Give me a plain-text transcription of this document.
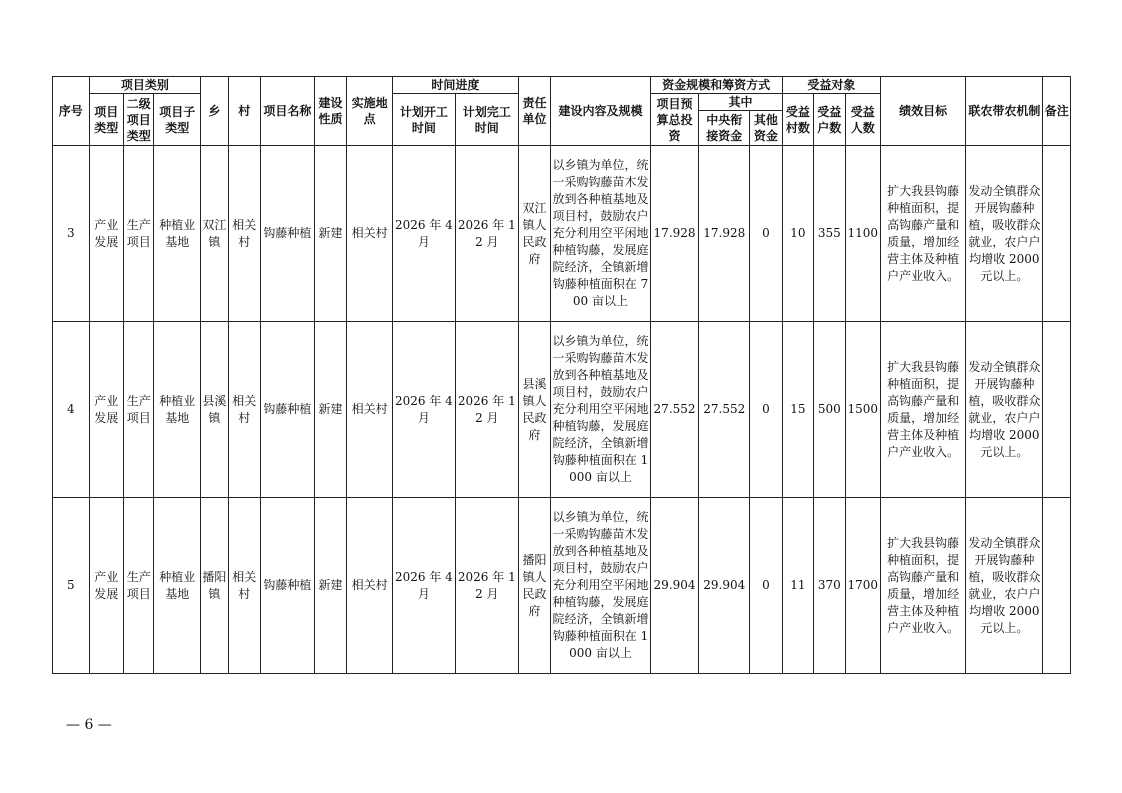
序号	项目类别			乡	村	项目名称	建设性质	实施地点	时间进度		责任单位	建设内容及规模	资金规模和筹资方式			受益对象			绩效目标	联农带农机制	备注
	项目类型	二级项目类型	项目子类型						计划开工时间	计划完工时间			项目预算总投资	其中		受益村数	受益户数	受益人数			
														中央衔接资金	其他资金						
3	产业发展	生产项目	种植业基地	双江镇	相关村	钩藤种植	新建	相关村	2026 年 4 月	2026 年 12 月	双江镇人民政府	以乡镇为单位，统一采购钩藤苗木发放到各种植基地及项目村，鼓励农户充分利用空平闲地种植钩藤，发展庭院经济，全镇新增钩藤种植面积在 700 亩以上	17.928	17.928	0	10	355	1100	扩大我县钩藤种植面积，提高钩藤产量和质量，增加经营主体及种植户产业收入。	发动全镇群众开展钩藤种植，吸收群众就业，农户户均增收 2000 元以上。	
4	产业发展	生产项目	种植业基地	县溪镇	相关村	钩藤种植	新建	相关村	2026 年 4 月	2026 年 12 月	县溪镇人民政府	以乡镇为单位，统一采购钩藤苗木发放到各种植基地及项目村，鼓励农户充分利用空平闲地种植钩藤，发展庭院经济，全镇新增钩藤种植面积在 1000 亩以上	27.552	27.552	0	15	500	1500	扩大我县钩藤种植面积，提高钩藤产量和质量，增加经营主体及种植户产业收入。	发动全镇群众开展钩藤种植，吸收群众就业，农户户均增收 2000 元以上。	
5	产业发展	生产项目	种植业基地	播阳镇	相关村	钩藤种植	新建	相关村	2026 年 4 月	2026 年 12 月	播阳镇人民政府	以乡镇为单位，统一采购钩藤苗木发放到各种植基地及项目村，鼓励农户充分利用空平闲地种植钩藤，发展庭院经济，全镇新增钩藤种植面积在 1000 亩以上	29.904	29.904	0	11	370	1700	扩大我县钩藤种植面积，提高钩藤产量和质量，增加经营主体及种植户产业收入。	发动全镇群众开展钩藤种植，吸收群众就业，农户户均增收 2000 元以上。	
— 6 —
